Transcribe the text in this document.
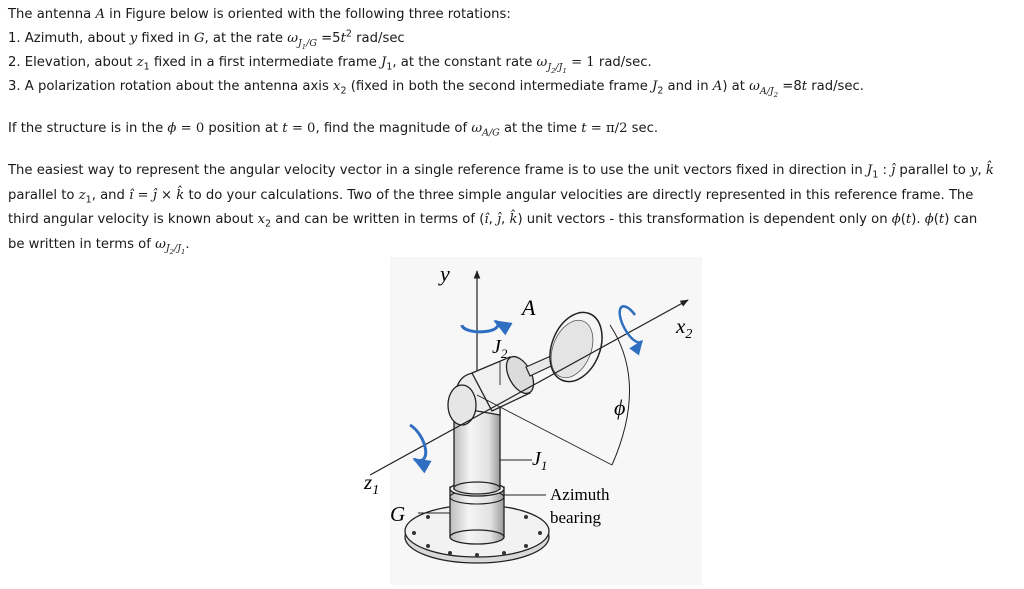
The antenna A in Figure below is oriented with the following three rotations:
1. Azimuth, about y fixed in G, at the rate $\omega_{J_1/G} =5t^2$ rad/sec
2. Elevation, about $z_1$ fixed in a first intermediate frame $J_1$, at the constant rate $\omega_{J_2/J_1} = 1$ rad/sec.
3. A polarization rotation about the antenna axis $x_2$ (fixed in both the second intermediate frame $J_2$ and in A) at $\omega_{A/J_2} =8t$ rad/sec.
If the structure is in the ϕ = 0 position at t = 0, find the magnitude of $\omega_{A/G}$ at the time t = π/2 sec.
The easiest way to represent the angular velocity vector in a single reference frame is to use the unit vectors fixed in direction in $J_1$ : ĵ parallel to y, k̂
parallel to $z_1$, and î = ĵ × k̂ to do your calculations. Two of the three simple angular velocities are directly represented in this reference frame. The
third angular velocity is known about $x_2$ and can be written in terms of (î, ĵ, k̂) unit vectors - this transformation is dependent only on ϕ(t). ϕ(t) can
be written in terms of $\omega_{J_2/J_1}$.
y
$x_2$
$z_1$
G
ϕ
A
$J_2$
$J_1$
Azimuth
bearing
